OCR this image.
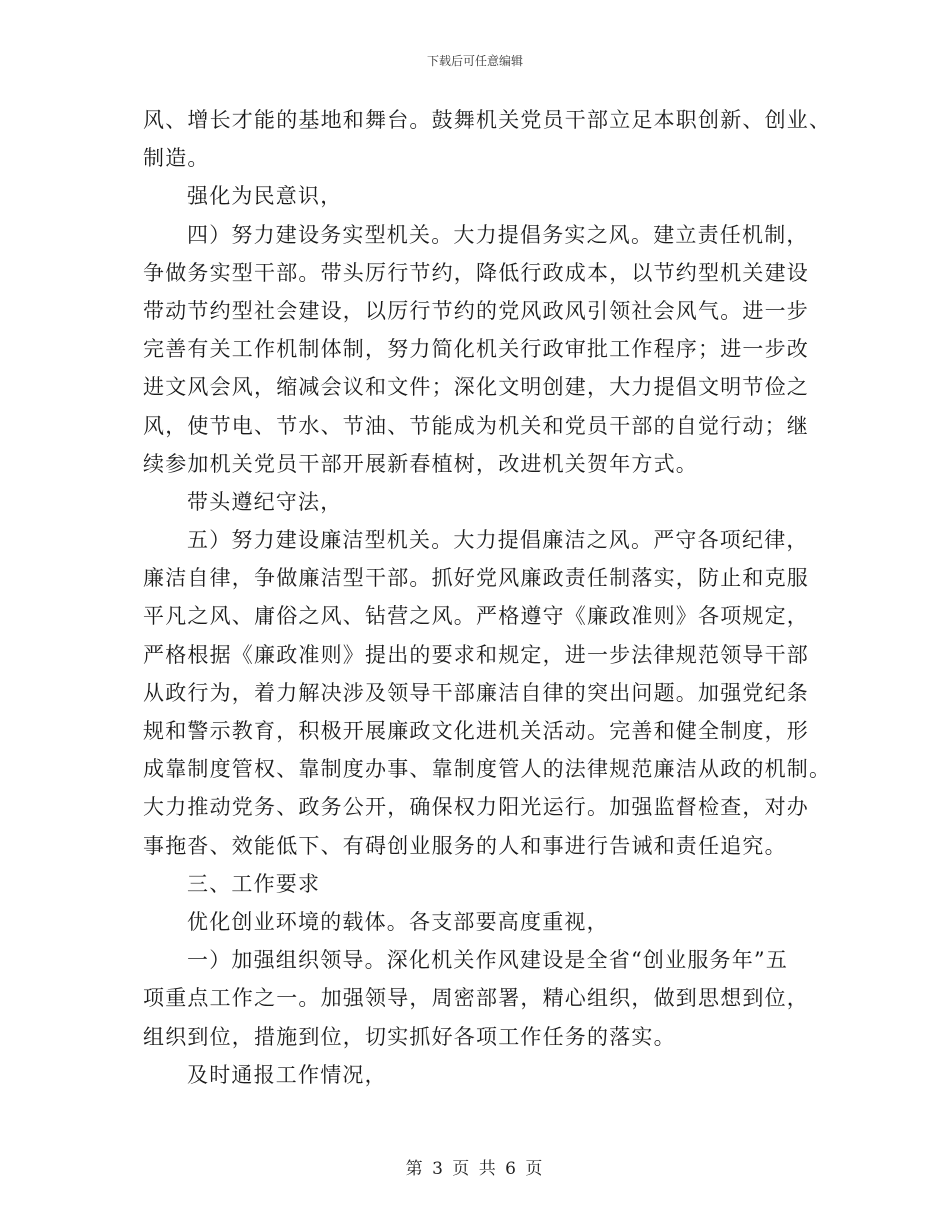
下载后可任意编辑
风、增长才能的基地和舞台。鼓舞机关党员干部立足本职创新、创业、
制造。
强化为民意识，
四）努力建设务实型机关。大力提倡务实之风。建立责任机制，
争做务实型干部。带头厉行节约，降低行政成本，以节约型机关建设
带动节约型社会建设，以厉行节约的党风政风引领社会风气。进一步
完善有关工作机制体制，努力简化机关行政审批工作程序；进一步改
进文风会风，缩减会议和文件；深化文明创建，大力提倡文明节俭之
风，使节电、节水、节油、节能成为机关和党员干部的自觉行动；继
续参加机关党员干部开展新春植树，改进机关贺年方式。
带头遵纪守法，
五）努力建设廉洁型机关。大力提倡廉洁之风。严守各项纪律，
廉洁自律，争做廉洁型干部。抓好党风廉政责任制落实，防止和克服
平凡之风、庸俗之风、钻营之风。严格遵守《廉政准则》各项规定，
严格根据《廉政准则》提出的要求和规定，进一步法律规范领导干部
从政行为，着力解决涉及领导干部廉洁自律的突出问题。加强党纪条
规和警示教育，积极开展廉政文化进机关活动。完善和健全制度，形
成靠制度管权、靠制度办事、靠制度管人的法律规范廉洁从政的机制。
大力推动党务、政务公开，确保权力阳光运行。加强监督检查，对办
事拖沓、效能低下、有碍创业服务的人和事进行告诫和责任追究。
三、工作要求
优化创业环境的载体。各支部要高度重视，
一）加强组织领导。深化机关作风建设是全省“创业服务年”五
项重点工作之一。加强领导，周密部署，精心组织，做到思想到位，
组织到位，措施到位，切实抓好各项工作任务的落实。
及时通报工作情况，
第 3 页 共 6 页
